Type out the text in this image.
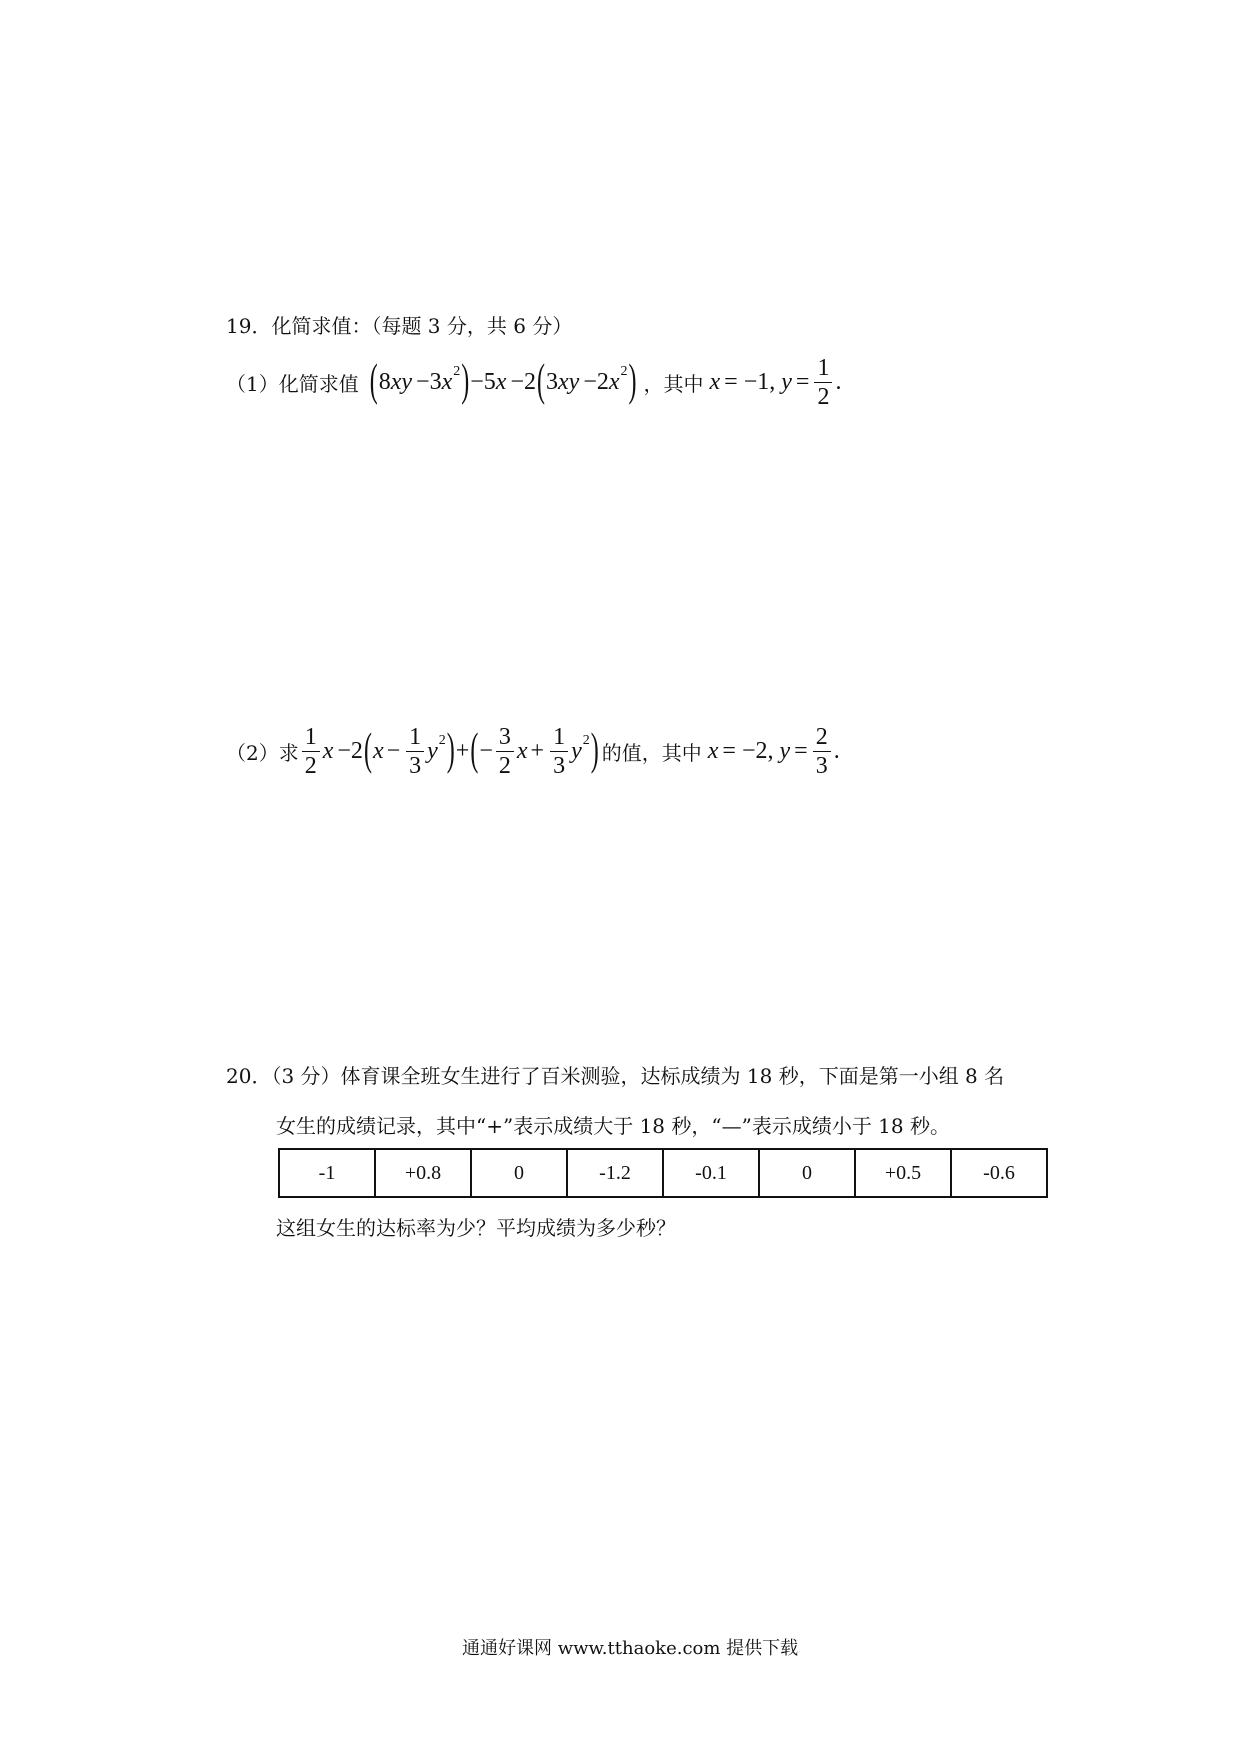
19．化简求值：（每题 3 分，共 6 分）
（1）化简求值 ( 8 xy −3 x 2 ) −5 x −2 ( 3 xy −2 x 2 ) ，其中 x = −1, $y = \frac{1}{2}$ .
（2）求 $\frac{1}{2}$ x −2 ( $x - \frac{1}{3}$ y 2 ) + ( − $\frac{3}{2}$ $x + \frac{1}{3}$ y 2 ) 的值，其中 x = −2, $y = \frac{2}{3}$ .
20．（3 分）体育课全班女生进行了百米测验，达标成绩为 18 秒，下面是第一小组 8 名
女生的成绩记录，其中“+”表示成绩大于 18 秒，“—”表示成绩小于 18 秒。
-1	+0.8	0	-1.2	-0.1	0	+0.5	-0.6
这组女生的达标率为少？平均成绩为多少秒？
通通好课网 www.tthaoke.com 提供下载
